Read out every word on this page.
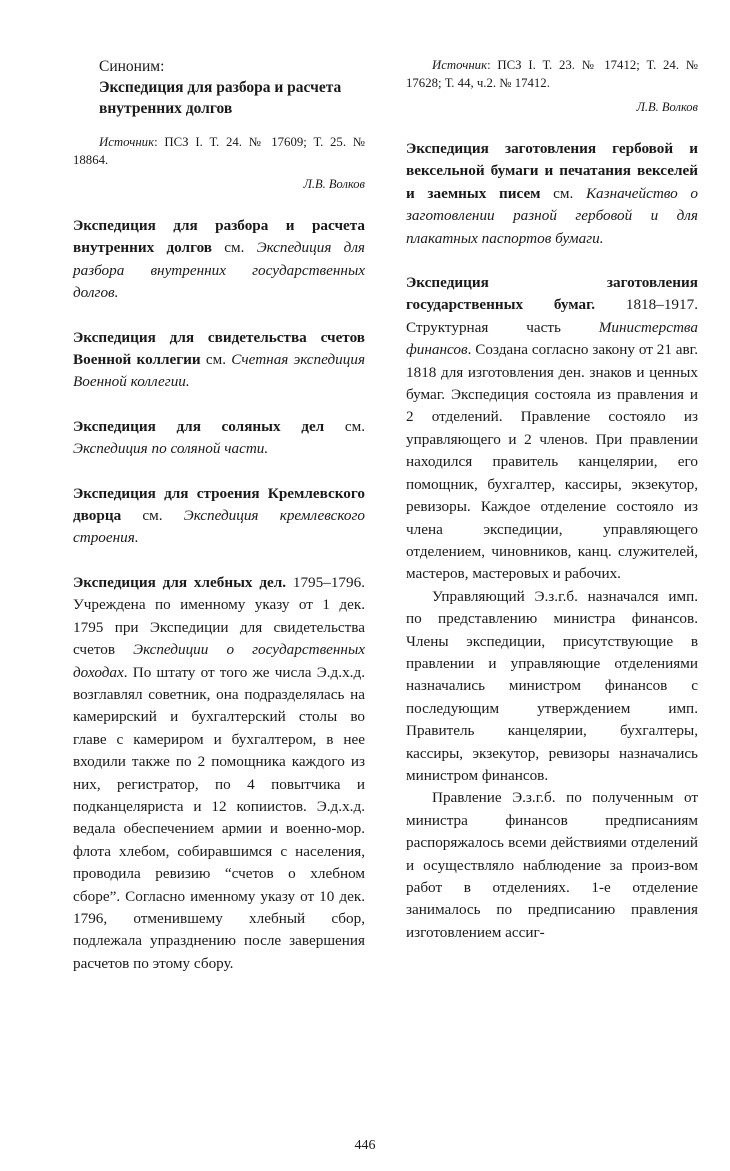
Синоним:

Экспедиция для разбора и расчета внутренних долгов

Источник: ПСЗ I. Т. 24. № 17609; Т. 25. № 18864.

Л.В. Волков

Экспедиция для разбора и расчета внутренних долгов см. Экспедиция для разбора внутренних государственных долгов.

Экспедиция для свидетельства счетов Военной коллегии см. Счетная экспедиция Военной коллегии.

Экспедиция для соляных дел см. Экспедиция по соляной части.

Экспедиция для строения Кремлевского дворца см. Экспедиция кремлевского строения.

Экспедиция для хлебных дел. 1795–1796. Учреждена по именному указу от 1 дек. 1795 при Экспедиции для свидетельства счетов Экспедиции о государственных доходах. По штату от того же числа Э.д.х.д. возглавлял советник, она подразделялась на камерирский и бухгалтерский столы во главе с камериром и бухгалтером, в нее входили также по 2 помощника каждого из них, регистратор, по 4 повытчика и подканцеляриста и 12 копиистов. Э.д.х.д. ведала обеспечением армии и военно-мор. флота хлебом, собиравшимся с населения, проводила ревизию “счетов о хлебном сборе”. Согласно именному указу от 10 дек. 1796, отменившему хлебный сбор, подлежала упразднению после завершения расчетов по этому сбору.

Источник: ПСЗ I. Т. 23. № 17412; Т. 24. № 17628; Т. 44, ч.2. № 17412.

Л.В. Волков

Экспедиция заготовления гербовой и вексельной бумаги и печатания векселей и заемных писем см. Казначейство о заготовлении разной гербовой и для плакатных паспортов бумаги.

Экспедиция заготовления государственных бумаг. 1818–1917. Структурная часть Министерства финансов. Создана согласно закону от 21 авг. 1818 для изготовления ден. знаков и ценных бумаг. Экспедиция состояла из правления и 2 отделений. Правление состояло из управляющего и 2 членов. При правлении находился правитель канцелярии, его помощник, бухгалтер, кассиры, экзекутор, ревизоры. Каждое отделение состояло из члена экспедиции, управляющего отделением, чиновников, канц. служителей, мастеров, мастеровых и рабочих.

Управляющий Э.з.г.б. назначался имп. по представлению министра финансов. Члены экспедиции, присутствующие в правлении и управляющие отделениями назначались министром финансов с последующим утверждением имп. Правитель канцелярии, бухгалтеры, кассиры, экзекутор, ревизоры назначались министром финансов.

Правление Э.з.г.б. по полученным от министра финансов предписаниям распоряжалось всеми действиями отделений и осуществляло наблюдение за произ-вом работ в отделениях. 1-е отделение занималось по предписанию правления изготовлением ассиг-

446
